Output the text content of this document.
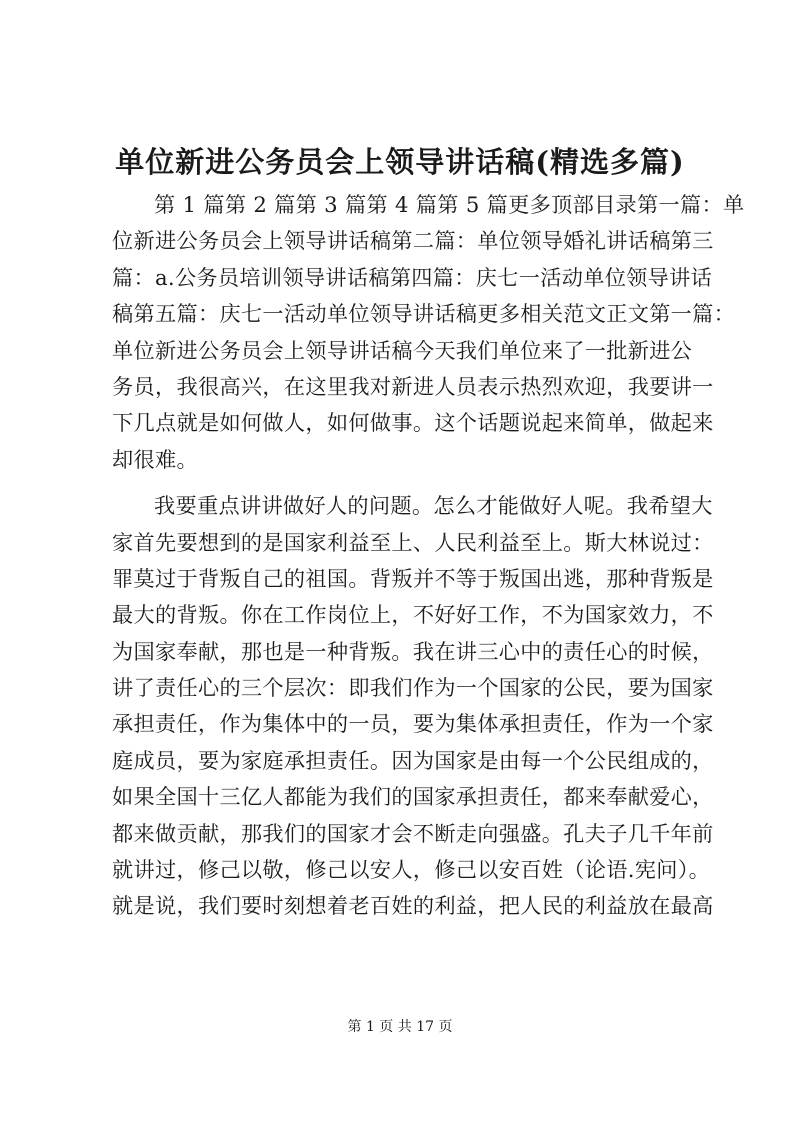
单位新进公务员会上领导讲话稿(精选多篇)
第 1 篇第 2 篇第 3 篇第 4 篇第 5 篇更多顶部目录第一篇：单
位新进公务员会上领导讲话稿第二篇：单位领导婚礼讲话稿第三
篇：a.公务员培训领导讲话稿第四篇：庆七一活动单位领导讲话
稿第五篇：庆七一活动单位领导讲话稿更多相关范文正文第一篇：
单位新进公务员会上领导讲话稿今天我们单位来了一批新进公
务员，我很高兴，在这里我对新进人员表示热烈欢迎，我要讲一
下几点就是如何做人，如何做事。这个话题说起来简单，做起来
却很难。
我要重点讲讲做好人的问题。怎么才能做好人呢。我希望大
家首先要想到的是国家利益至上、人民利益至上。斯大林说过：
罪莫过于背叛自己的祖国。背叛并不等于叛国出逃，那种背叛是
最大的背叛。你在工作岗位上，不好好工作，不为国家效力，不
为国家奉献，那也是一种背叛。我在讲三心中的责任心的时候，
讲了责任心的三个层次：即我们作为一个国家的公民，要为国家
承担责任，作为集体中的一员，要为集体承担责任，作为一个家
庭成员，要为家庭承担责任。因为国家是由每一个公民组成的，
如果全国十三亿人都能为我们的国家承担责任，都来奉献爱心，
都来做贡献，那我们的国家才会不断走向强盛。孔夫子几千年前
就讲过，修己以敬，修己以安人，修己以安百姓（论语.宪问）。
就是说，我们要时刻想着老百姓的利益，把人民的利益放在最高
第 1 页 共 17 页
